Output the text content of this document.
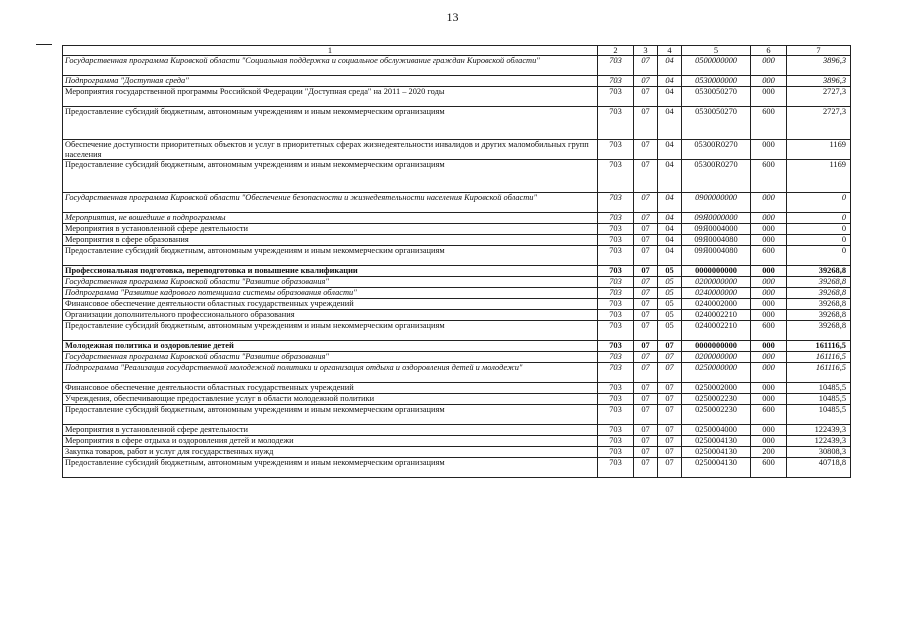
13
1	2	3	4	5	6	7
Государственная программа Кировской области "Социальная поддержка и социальное обслуживание граждан Кировской области"	703	07	04	0500000000	000	3896,3
Подпрограмма "Доступная среда"	703	07	04	0530000000	000	3896,3
Мероприятия государственной программы Российской Федерации "Доступная среда" на 2011 – 2020 годы	703	07	04	0530050270	000	2727,3
Предоставление субсидий бюджетным, автономным учреждениям и иным некоммерческим организациям	703	07	04	0530050270	600	2727,3
Обеспечение доступности приоритетных объектов и услуг в приоритетных сферах жизнедеятельности инвалидов и других маломобильных групп населения	703	07	04	05300R0270	000	1169
Предоставление субсидий бюджетным, автономным учреждениям и иным некоммерческим организациям	703	07	04	05300R0270	600	1169
Государственная программа Кировской области "Обеспечение безопасности и жизнедеятельности населения Кировской области"	703	07	04	0900000000	000	0
Мероприятия, не вошедшие в подпрограммы	703	07	04	09Я0000000	000	0
Мероприятия в установленной сфере деятельности	703	07	04	09Я0004000	000	0
Мероприятия в сфере образования	703	07	04	09Я0004080	000	0
Предоставление субсидий бюджетным, автономным учреждениям и иным некоммерческим организациям	703	07	04	09Я0004080	600	0
Профессиональная подготовка, переподготовка и повышение квалификации	703	07	05	0000000000	000	39268,8
Государственная программа Кировской области "Развитие образования"	703	07	05	0200000000	000	39268,8
Подпрограмма "Развитие кадрового потенциала системы образования области"	703	07	05	0240000000	000	39268,8
Финансовое обеспечение деятельности областных государственных учреждений	703	07	05	0240002000	000	39268,8
Организации дополнительного профессионального образования	703	07	05	0240002210	000	39268,8
Предоставление субсидий бюджетным, автономным учреждениям и иным некоммерческим организациям	703	07	05	0240002210	600	39268,8
Молодежная политика и оздоровление детей	703	07	07	0000000000	000	161116,5
Государственная программа Кировской области "Развитие образования"	703	07	07	0200000000	000	161116,5
Подпрограмма "Реализация государственной молодежной политики и организация отдыха и оздоровления детей и молодежи"	703	07	07	0250000000	000	161116,5
Финансовое обеспечение деятельности областных государственных учреждений	703	07	07	0250002000	000	10485,5
Учреждения, обеспечивающие предоставление услуг в области молодежной политики	703	07	07	0250002230	000	10485,5
Предоставление субсидий бюджетным, автономным учреждениям и иным некоммерческим организациям	703	07	07	0250002230	600	10485,5
Мероприятия в установленной сфере деятельности	703	07	07	0250004000	000	122439,3
Мероприятия в сфере отдыха и оздоровления детей и молодежи	703	07	07	0250004130	000	122439,3
Закупка товаров, работ и услуг для государственных нужд	703	07	07	0250004130	200	30808,3
Предоставление субсидий бюджетным, автономным учреждениям и иным некоммерческим организациям	703	07	07	0250004130	600	40718,8
